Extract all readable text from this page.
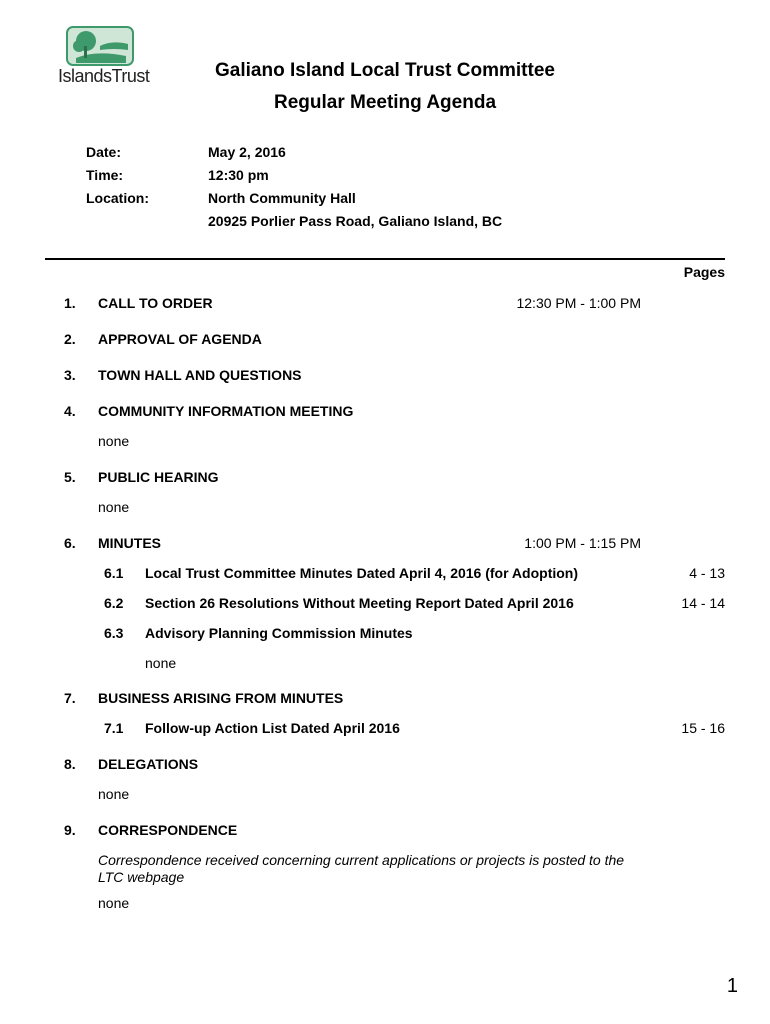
IslandsTrust	Galiano Island Local Trust Committee
Regular Meeting Agenda
Date:	May 2, 2016
Time:	12:30 pm
Location:	North Community Hall
20925 Porlier Pass Road, Galiano Island, BC
Pages
1. CALL TO ORDER	12:30 PM - 1:00 PM
2. APPROVAL OF AGENDA
3. TOWN HALL AND QUESTIONS
4. COMMUNITY INFORMATION MEETING
none
5. PUBLIC HEARING
none
6. MINUTES	1:00 PM - 1:15 PM
6.1 Local Trust Committee Minutes Dated April 4, 2016 (for Adoption)	4 - 13
6.2 Section 26 Resolutions Without Meeting Report Dated April 2016	14 - 14
6.3 Advisory Planning Commission Minutes
none
7. BUSINESS ARISING FROM MINUTES
7.1 Follow-up Action List Dated April 2016	15 - 16
8. DELEGATIONS
none
9. CORRESPONDENCE
Correspondence received concerning current applications or projects is posted to the LTC webpage
none
1
